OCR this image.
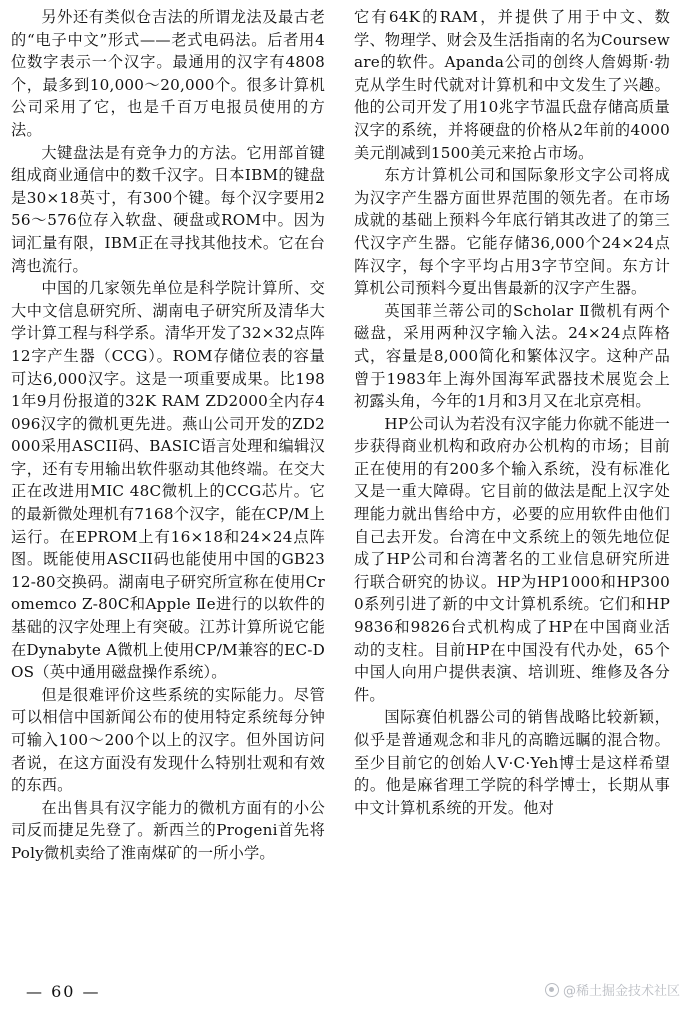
另外还有类似仓吉法的所谓龙法及最古老的“电子中文”形式——老式电码法。后者用4位数字表示一个汉字。最通用的汉字有4808个，最多到10,000～20,000个。很多计算机公司采用了它，也是千百万电报员使用的方法。

大键盘法是有竞争力的方法。它用部首键组成商业通信中的数千汉字。日本IBM的键盘是30×18英寸，有300个键。每个汉字要用256～576位存入软盘、硬盘或ROM中。因为词汇量有限，IBM正在寻找其他技术。它在台湾也流行。

中国的几家领先单位是科学院计算所、交大中文信息研究所、湖南电子研究所及清华大学计算工程与科学系。清华开发了32×32点阵12字产生器（CCG）。ROM存储位表的容量可达6,000汉字。这是一项重要成果。比1981年9月份报道的32K RAM ZD2000全内存4096汉字的微机更先进。燕山公司开发的ZD2000采用ASCII码、BASIC语言处理和编辑汉字，还有专用输出软件驱动其他终端。在交大正在改进用MIC 48C微机上的CCG芯片。它的最新微处理机有7168个汉字，能在CP/M上运行。在EPROM上有16×18和24×24点阵图。既能使用ASCII码也能使用中国的GB2312-80交换码。湖南电子研究所宣称在使用Cromemco Z-80C和Apple Ⅱe进行的以软件的基础的汉字处理上有突破。江苏计算所说它能在Dynabyte A微机上使用CP/M兼容的EC-DOS（英中通用磁盘操作系统）。

但是很难评价这些系统的实际能力。尽管可以相信中国新闻公布的使用特定系统每分钟可输入100～200个以上的汉字。但外国访问者说，在这方面没有发现什么特别壮观和有效的东西。

在出售具有汉字能力的微机方面有的小公司反而捷足先登了。新西兰的Progeni首先将Poly微机卖给了淮南煤矿的一所小学。

它有64K的RAM，并提供了用于中文、数学、物理学、财会及生活指南的名为Courseware的软件。Apanda公司的创终人詹姆斯·勃克从学生时代就对计算机和中文发生了兴趣。他的公司开发了用10兆字节温氏盘存储高质量汉字的系统，并将硬盘的价格从2年前的4000美元削减到1500美元来抢占市场。

东方计算机公司和国际象形文字公司将成为汉字产生器方面世界范围的领先者。在市场成就的基础上预料今年底行销其改进了的第三代汉字产生器。它能存储36,000个24×24点阵汉字，每个字平均占用3字节空间。东方计算机公司预料今夏出售最新的汉字产生器。

英国菲兰蒂公司的Scholar Ⅱ微机有两个磁盘，采用两种汉字输入法。24×24点阵格式，容量是8,000简化和繁体汉字。这种产品曾于1983年上海外国海军武器技术展览会上初露头角，今年的1月和3月又在北京亮相。

HP公司认为若没有汉字能力你就不能进一步获得商业机构和政府办公机构的市场；目前正在使用的有200多个输入系统，没有标准化又是一重大障碍。它目前的做法是配上汉字处理能力就出售给中方，必要的应用软件由他们自己去开发。台湾在中文系统上的领先地位促成了HP公司和台湾著名的工业信息研究所进行联合研究的协议。HP为HP1000和HP3000系列引进了新的中文计算机系统。它们和HP9836和9826台式机构成了HP在中国商业活动的支柱。目前HP在中国没有代办处，65个中国人向用户提供表演、培训班、维修及各分件。

国际赛伯机器公司的销售战略比较新颖，似乎是普通观念和非凡的高瞻远瞩的混合物。至少目前它的创始人V·C·Yeh博士是这样希望的。他是麻省理工学院的科学博士，长期从事中文计算机系统的开发。他对

— 60 —	@稀土掘金技术社区
